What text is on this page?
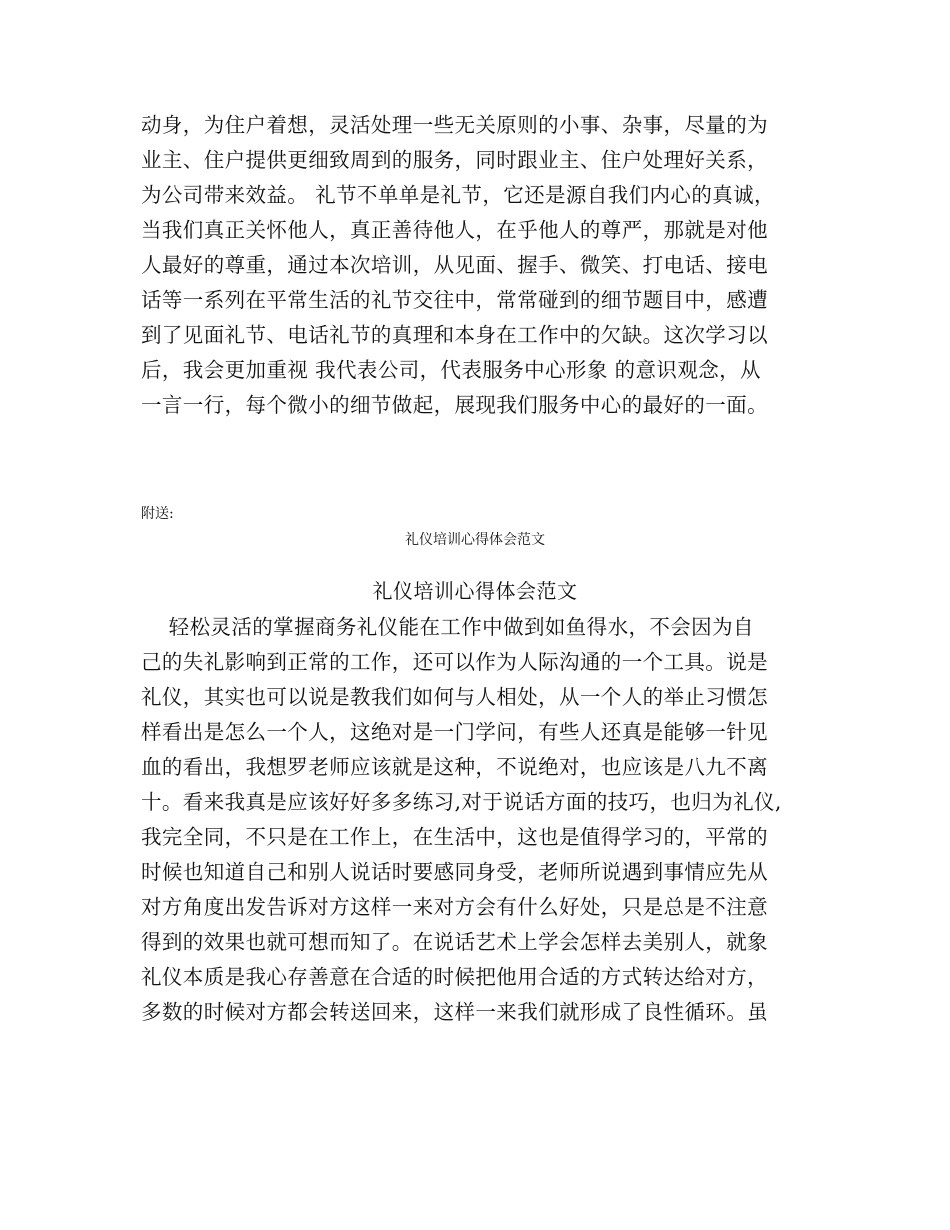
动身，为住户着想，灵活处理一些无关原则的小事、杂事，尽量的为
业主、住户提供更细致周到的服务，同时跟业主、住户处理好关系，
为公司带来效益。 礼节不单单是礼节，它还是源自我们内心的真诚，
当我们真正关怀他人，真正善待他人，在乎他人的尊严，那就是对他
人最好的尊重，通过本次培训，从见面、握手、微笑、打电话、接电
话等一系列在平常生活的礼节交往中，常常碰到的细节题目中，感遭
到了见面礼节、电话礼节的真理和本身在工作中的欠缺。这次学习以
后，我会更加重视 我代表公司，代表服务中心形象 的意识观念，从
一言一行，每个微小的细节做起，展现我们服务中心的最好的一面。
附送:
礼仪培训心得体会范文
礼仪培训心得体会范文
轻松灵活的掌握商务礼仪能在工作中做到如鱼得水，不会因为自
己的失礼影响到正常的工作，还可以作为人际沟通的一个工具。说是
礼仪，其实也可以说是教我们如何与人相处，从一个人的举止习惯怎
样看出是怎么一个人，这绝对是一门学问，有些人还真是能够一针见
血的看出，我想罗老师应该就是这种，不说绝对，也应该是八九不离
十。看来我真是应该好好多多练习,对于说话方面的技巧，也归为礼仪,
我完全同，不只是在工作上，在生活中，这也是值得学习的，平常的
时候也知道自己和别人说话时要感同身受，老师所说遇到事情应先从
对方角度出发告诉对方这样一来对方会有什么好处，只是总是不注意
得到的效果也就可想而知了。在说话艺术上学会怎样去美别人，就象
礼仪本质是我心存善意在合适的时候把他用合适的方式转达给对方，
多数的时候对方都会转送回来，这样一来我们就形成了良性循环。虽
